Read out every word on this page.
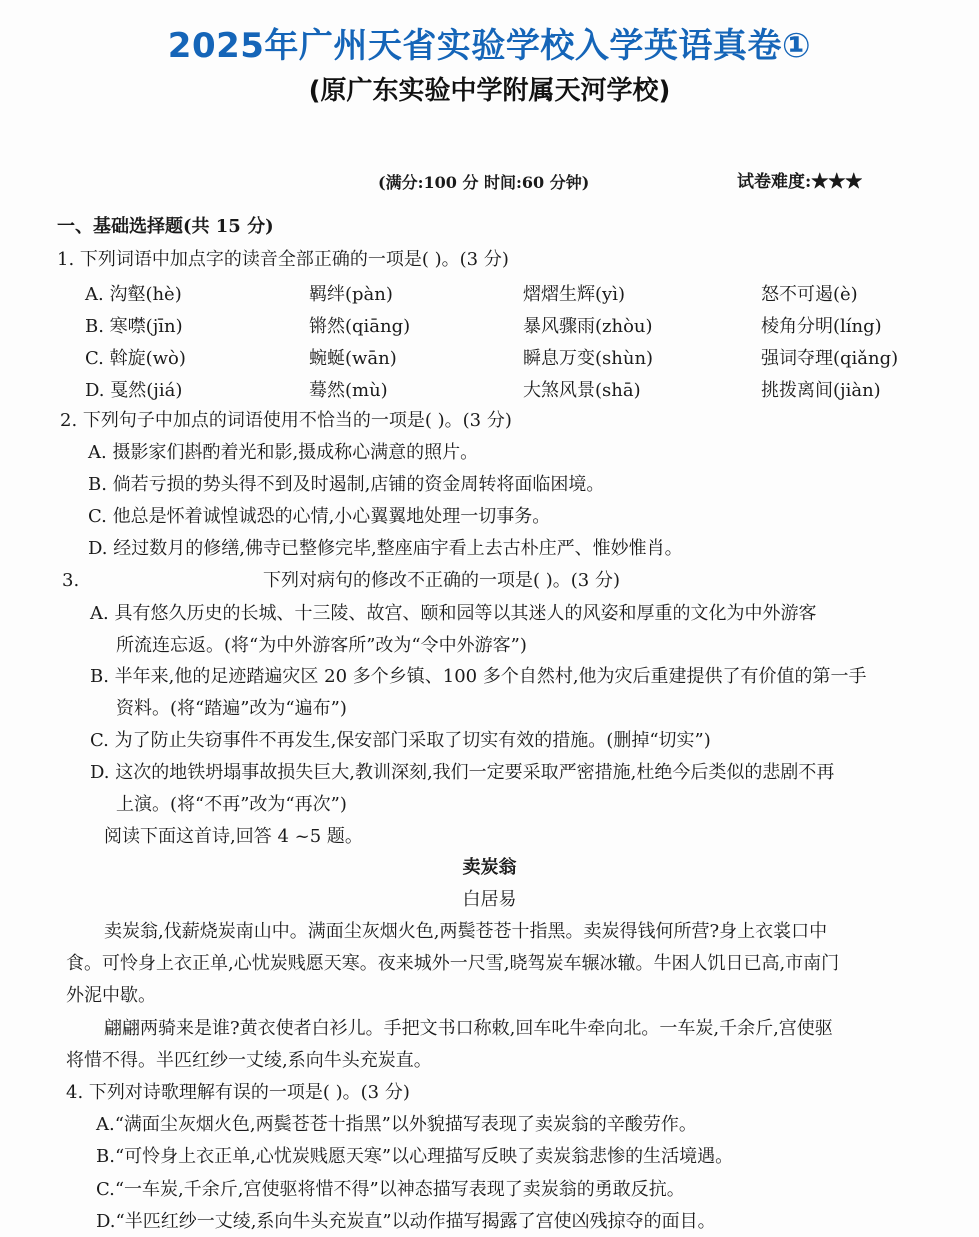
2025年广州天省实验学校入学英语真卷①
(原广东实验中学附属天河学校)
(满分:100 分 时间:60 分钟)	试卷难度:★★★
一、基础选择题(共 15 分)
1. 下列词语中加点字的读音全部正确的一项是( )。(3 分)
A. 沟壑(hè)	羁绊(pàn)	熠熠生辉(yì)	怒不可遏(è)
B. 寒噤(jīn)	锵然(qiāng)	暴风骤雨(zhòu)	棱角分明(líng)
C. 斡旋(wò)	蜿蜒(wān)	瞬息万变(shùn)	强词夺理(qiǎng)
D. 戛然(jiá)	蓦然(mù)	大煞风景(shā)	挑拨离间(jiàn)
2. 下列句子中加点的词语使用不恰当的一项是( )。(3 分)
A. 摄影家们斟酌着光和影,摄成称心满意的照片。
B. 倘若亏损的势头得不到及时遏制,店铺的资金周转将面临困境。
C. 他总是怀着诚惶诚恐的心情,小心翼翼地处理一切事务。
D. 经过数月的修缮,佛寺已整修完毕,整座庙宇看上去古朴庄严、惟妙惟肖。
3.	下列对病句的修改不正确的一项是( )。(3 分)
A. 具有悠久历史的长城、十三陵、故宫、颐和园等以其迷人的风姿和厚重的文化为中外游客
所流连忘返。(将“为中外游客所”改为“令中外游客”)
B. 半年来,他的足迹踏遍灾区 20 多个乡镇、100 多个自然村,他为灾后重建提供了有价值的第一手
资料。(将“踏遍”改为“遍布”)
C. 为了防止失窃事件不再发生,保安部门采取了切实有效的措施。(删掉“切实”)
D. 这次的地铁坍塌事故损失巨大,教训深刻,我们一定要采取严密措施,杜绝今后类似的悲剧不再
上演。(将“不再”改为“再次”)
阅读下面这首诗,回答 4 ~5 题。
卖炭翁
白居易
卖炭翁,伐薪烧炭南山中。满面尘灰烟火色,两鬓苍苍十指黑。卖炭得钱何所营?身上衣裳口中
食。可怜身上衣正单,心忧炭贱愿天寒。夜来城外一尺雪,晓驾炭车辗冰辙。牛困人饥日已高,市南门
外泥中歇。
翩翩两骑来是谁?黄衣使者白衫儿。手把文书口称敕,回车叱牛牵向北。一车炭,千余斤,宫使驱
将惜不得。半匹红纱一丈绫,系向牛头充炭直。
4. 下列对诗歌理解有误的一项是( )。(3 分)
A.“满面尘灰烟火色,两鬓苍苍十指黑”以外貌描写表现了卖炭翁的辛酸劳作。
B.“可怜身上衣正单,心忧炭贱愿天寒”以心理描写反映了卖炭翁悲惨的生活境遇。
C.“一车炭,千余斤,宫使驱将惜不得”以神态描写表现了卖炭翁的勇敢反抗。
D.“半匹红纱一丈绫,系向牛头充炭直”以动作描写揭露了宫使凶残掠夺的面目。
